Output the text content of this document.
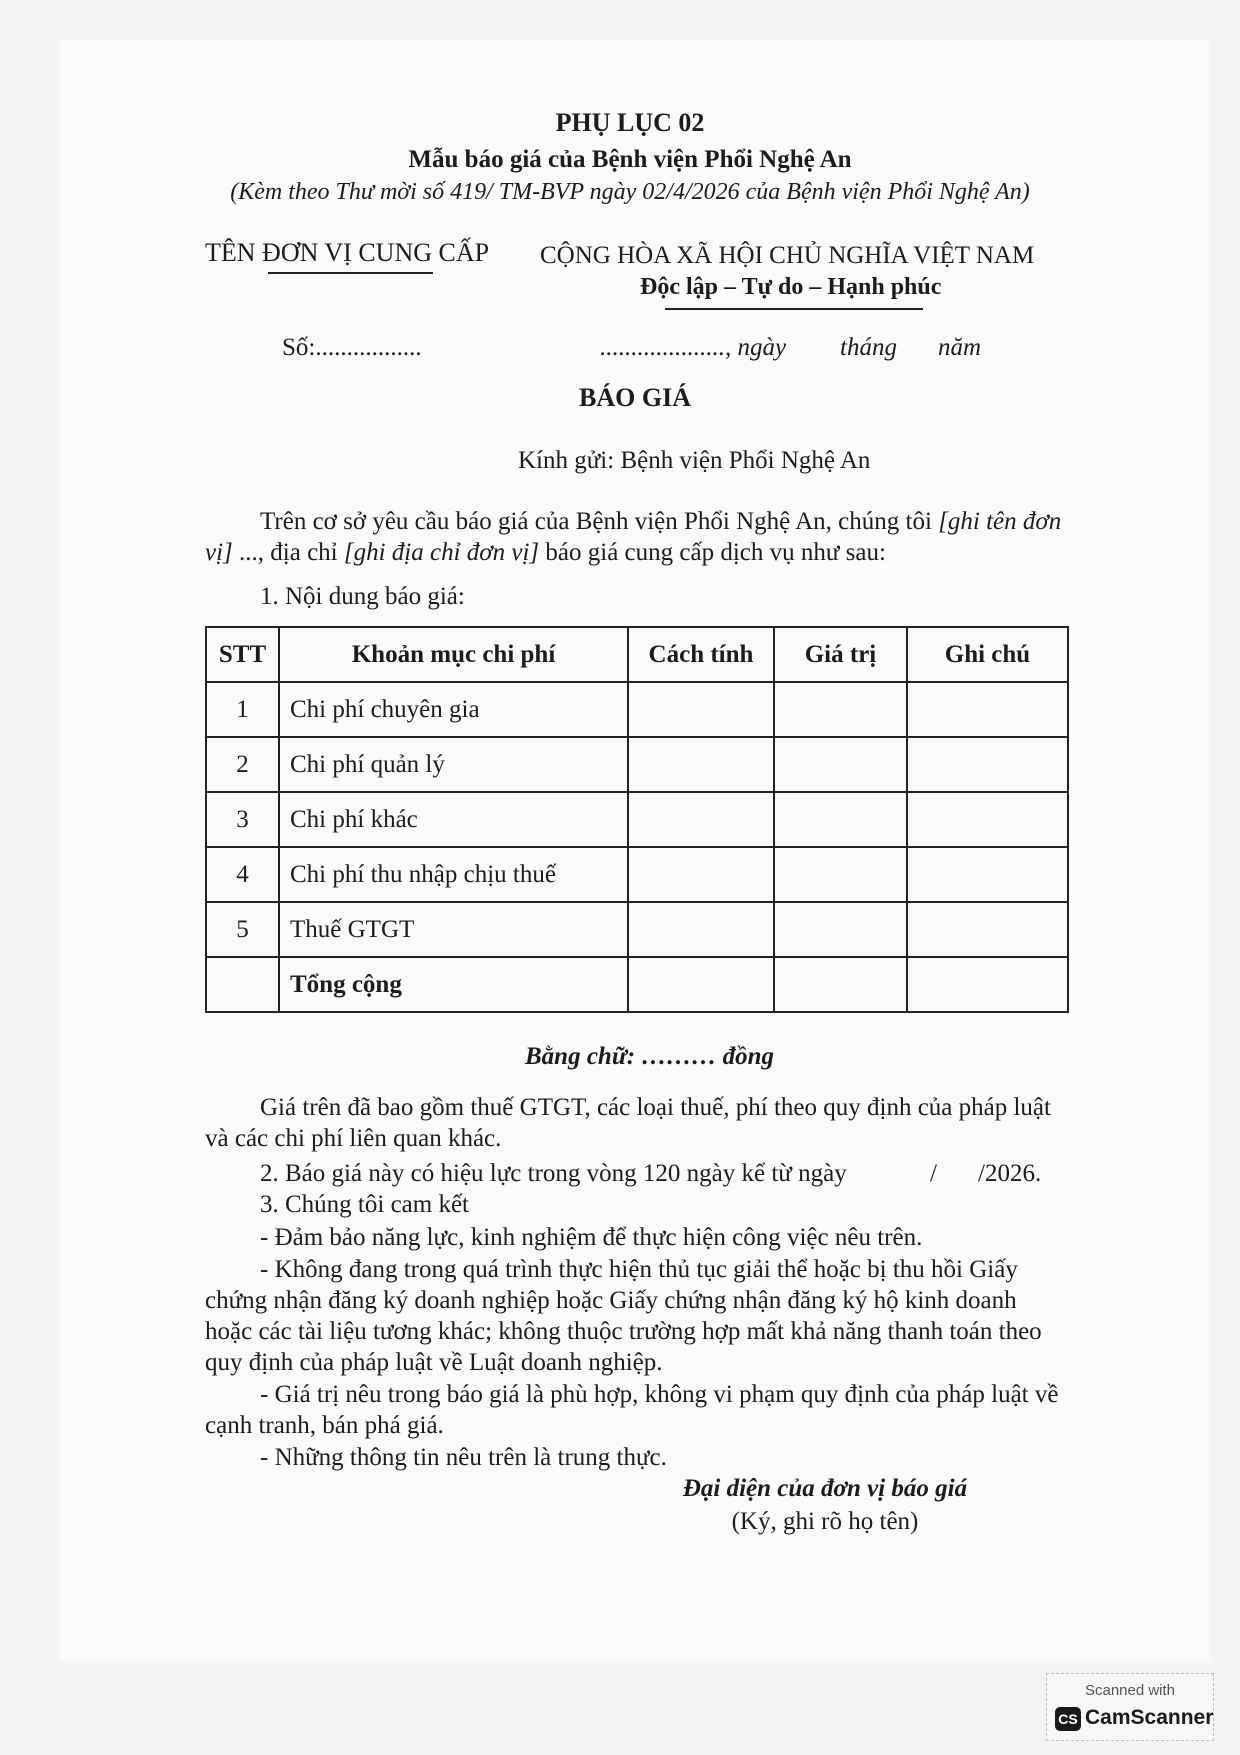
PHỤ LỤC 02
Mẫu báo giá của Bệnh viện Phổi Nghệ An
(Kèm theo Thư mời số 419/ TM-BVP ngày 02/4/2026 của Bệnh viện Phổi Nghệ An)
TÊN ĐƠN VỊ CUNG CẤP
Số:.................
CỘNG HÒA XÃ HỘI CHỦ NGHĨA VIỆT NAM
Độc lập – Tự do – Hạnh phúc
...................., ngày tháng năm
BÁO GIÁ
Kính gửi: Bệnh viện Phổi Nghệ An
Trên cơ sở yêu cầu báo giá của Bệnh viện Phổi Nghệ An, chúng tôi [ghi tên đơn vị] ..., địa chỉ [ghi địa chỉ đơn vị] báo giá cung cấp dịch vụ như sau:
1. Nội dung báo giá:
STT	Khoản mục chi phí	Cách tính	Giá trị	Ghi chú
1	Chi phí chuyên gia			
2	Chi phí quản lý			
3	Chi phí khác			
4	Chi phí thu nhập chịu thuế			
5	Thuế GTGT			
	Tổng cộng			
Bằng chữ: ……… đồng
Giá trên đã bao gồm thuế GTGT, các loại thuế, phí theo quy định của pháp luật và các chi phí liên quan khác.
2. Báo giá này có hiệu lực trong vòng 120 ngày kể từ ngày	/ /2026.
3. Chúng tôi cam kết
- Đảm bảo năng lực, kinh nghiệm để thực hiện công việc nêu trên.
- Không đang trong quá trình thực hiện thủ tục giải thể hoặc bị thu hồi Giấy chứng nhận đăng ký doanh nghiệp hoặc Giấy chứng nhận đăng ký hộ kinh doanh hoặc các tài liệu tương khác; không thuộc trường hợp mất khả năng thanh toán theo quy định của pháp luật về Luật doanh nghiệp.
- Giá trị nêu trong báo giá là phù hợp, không vi phạm quy định của pháp luật về cạnh tranh, bán phá giá.
- Những thông tin nêu trên là trung thực.
Đại diện của đơn vị báo giá
(Ký, ghi rõ họ tên)
Scanned with
CS CamScanner
